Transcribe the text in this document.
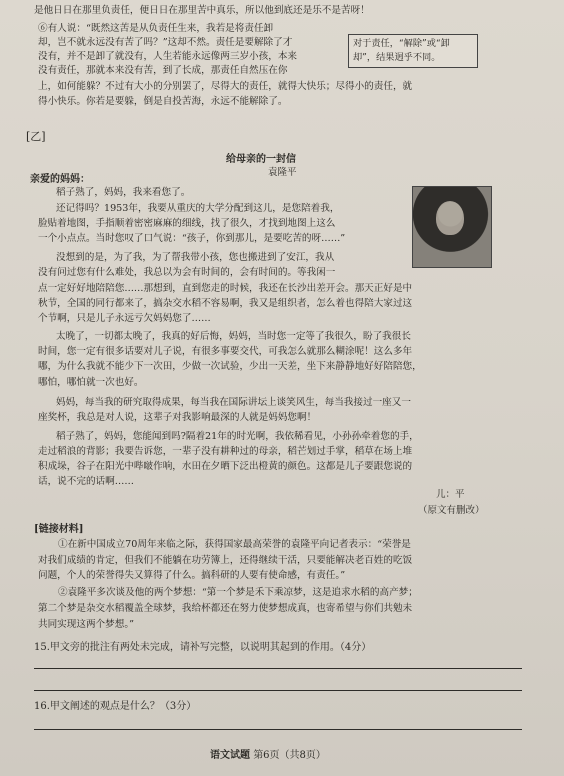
是他日日在那里负责任，便日日在那里苦中真乐，所以他到底还是乐不是苦呀！
⑥有人说：“既然这苦是从负责任生来，我若是将责任卸
却，岂不就永远没有苦了吗？”这却不然。责任是要解除了才
没有，并不是卸了就没有，人生若能永远像两三岁小孩，本来
没有责任，那就本来没有苦，到了长成，那责任自然压在你
上，如何能躲？不过有大小的分别罢了，尽得大的责任，就得大快乐；尽得小的责任，就
得小快乐。你若是要躲，倒是自投苦海，永远不能解除了。
对于责任，“解除”或“卸
却”，结果迥乎不同。
[乙]
给母亲的一封信
袁隆平
亲爱的妈妈：
稻子熟了，妈妈，我来看您了。
还记得吗？1953年，我要从重庆的大学分配到这儿，是您陪着我，
脸贴着地图，手指顺着密密麻麻的细线，找了很久，才找到地图上这么
一个小点点。当时您叹了口气说：“孩子，你到那儿，是要吃苦的呀……”
没想到的是，为了我，为了帮我带小孩，您也搬进到了安江，我从
没有问过您有什么难处，我总以为会有时间的，会有时间的。等我闲一
点一定好好地陪陪您……那想到，直到您走的时候，我还在长沙出差开会。那天正好是中
秋节，全国的同行都来了，搞杂交水稻不容易啊，我又是组织者，怎么着也得陪大家过这
个节啊，只是儿子永远亏欠妈妈您了……
太晚了，一切都太晚了，我真的好后悔，妈妈，当时您一定等了我很久，盼了我很长
时间，您一定有很多话要对儿子说，有很多事要交代，可我怎么就那么糊涂呢！这么多年
哪，为什么我就不能少下一次田，少做一次试验，少出一天差，坐下来静静地好好陪陪您，
哪怕，哪怕就一次也好。
妈妈，每当我的研究取得成果，每当我在国际讲坛上谈笑风生，每当我接过一座又一
座奖杯，我总是对人说，这辈子对我影响最深的人就是妈妈您啊！
稻子熟了，妈妈，您能闻到吗?隔着21年的时光啊，我依稀看见，小孙孙牵着您的手，
走过稻浪的背影；我要告诉您，一辈子没有耕种过的母亲，稻芒划过手掌，稻草在场上堆
积成垛，谷子在阳光中哔啵作响，水田在夕晒下泛出橙黄的颜色。这都是儿子要跟您说的
话，说不完的话啊……
儿：平
（原文有删改）
[链接材料]
①在新中国成立70周年来临之际，获得国家最高荣誉的袁隆平向记者表示：“荣誉是
对我们成绩的肯定，但我们不能躺在功劳簿上，还得继续干活，只要能解决老百姓的吃饭
问题，个人的荣誉得失又算得了什么。搞科研的人要有使命感，有责任。”
②袁隆平多次谈及他的两个梦想：“第一个梦是禾下乘凉梦，这是追求水稻的高产梦；
第二个梦是杂交水稻覆盖全球梦，我给杯都还在努力使梦想成真，也寄希望与你们共勉未
共同实现这两个梦想。”
15.甲文旁的批注有两处未完成，请补写完整，以说明其起到的作用。（4分）
16.甲文阐述的观点是什么？（3分）
语文试题 第6页（共8页）
